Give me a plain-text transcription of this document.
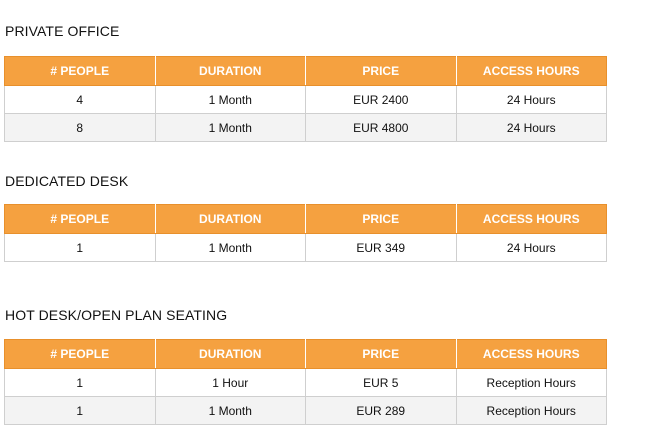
PRIVATE OFFICE
# PEOPLE	DURATION	PRICE	ACCESS HOURS
4	1 Month	EUR 2400	24 Hours
8	1 Month	EUR 4800	24 Hours
DEDICATED DESK
# PEOPLE	DURATION	PRICE	ACCESS HOURS
1	1 Month	EUR 349	24 Hours
HOT DESK/OPEN PLAN SEATING
# PEOPLE	DURATION	PRICE	ACCESS HOURS
1	1 Hour	EUR 5	Reception Hours
1	1 Month	EUR 289	Reception Hours
